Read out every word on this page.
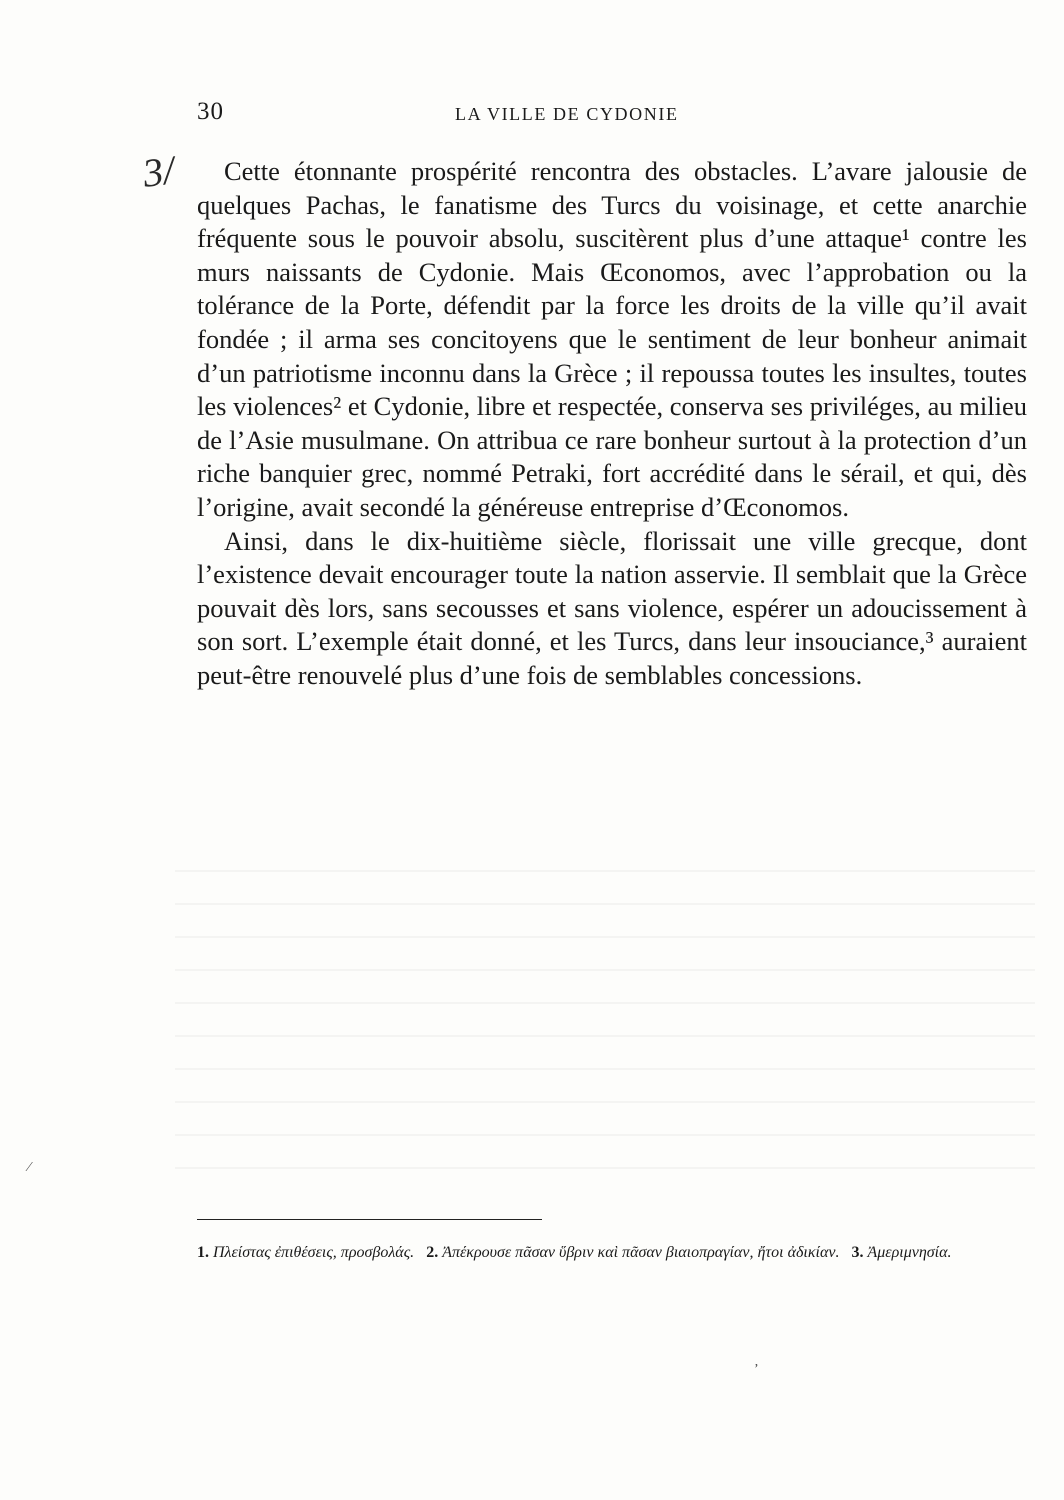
30	LA VILLE DE CYDONIE
3/	Cette étonnante prospérité rencontra des obstacles. L’avare jalousie de quelques Pachas, le fanatisme des Turcs du voisinage, et cette anarchie fréquente sous le pouvoir absolu, suscitèrent plus d’une attaque¹ contre les murs naissants de Cydonie. Mais Œconomos, avec l’approbation ou la tolérance de la Porte, défendit par la force les droits de la ville qu’il avait fondée ; il arma ses concitoyens que le sentiment de leur bonheur animait d’un patriotisme inconnu dans la Grèce ; il repoussa toutes les insultes, toutes les violences² et Cydonie, libre et respectée, conserva ses priviléges, au milieu de l’Asie musulmane. On attribua ce rare bonheur surtout à la protection d’un riche banquier grec, nommé Petraki, fort accrédité dans le sérail, et qui, dès l’origine, avait secondé la généreuse entreprise d’Œconomos.

Ainsi, dans le dix-huitième siècle, florissait une ville grecque, dont l’existence devait encourager toute la nation asservie. Il semblait que la Grèce pouvait dès lors, sans secousses et sans violence, espérer un adoucissement à son sort. L’exemple était donné, et les Turcs, dans leur insouciance,³ auraient peut-être renouvelé plus d’une fois de semblables concessions.

1. Πλείστας ἐπιθέσεις, προσβολάς. 2. Ἀπέκρουσε πᾶσαν ὕβριν καὶ πᾶσαν βιαιοπραγίαν, ἤτοι ἀδικίαν. 3. Ἀμεριμνησία.
⁄
ʼ
